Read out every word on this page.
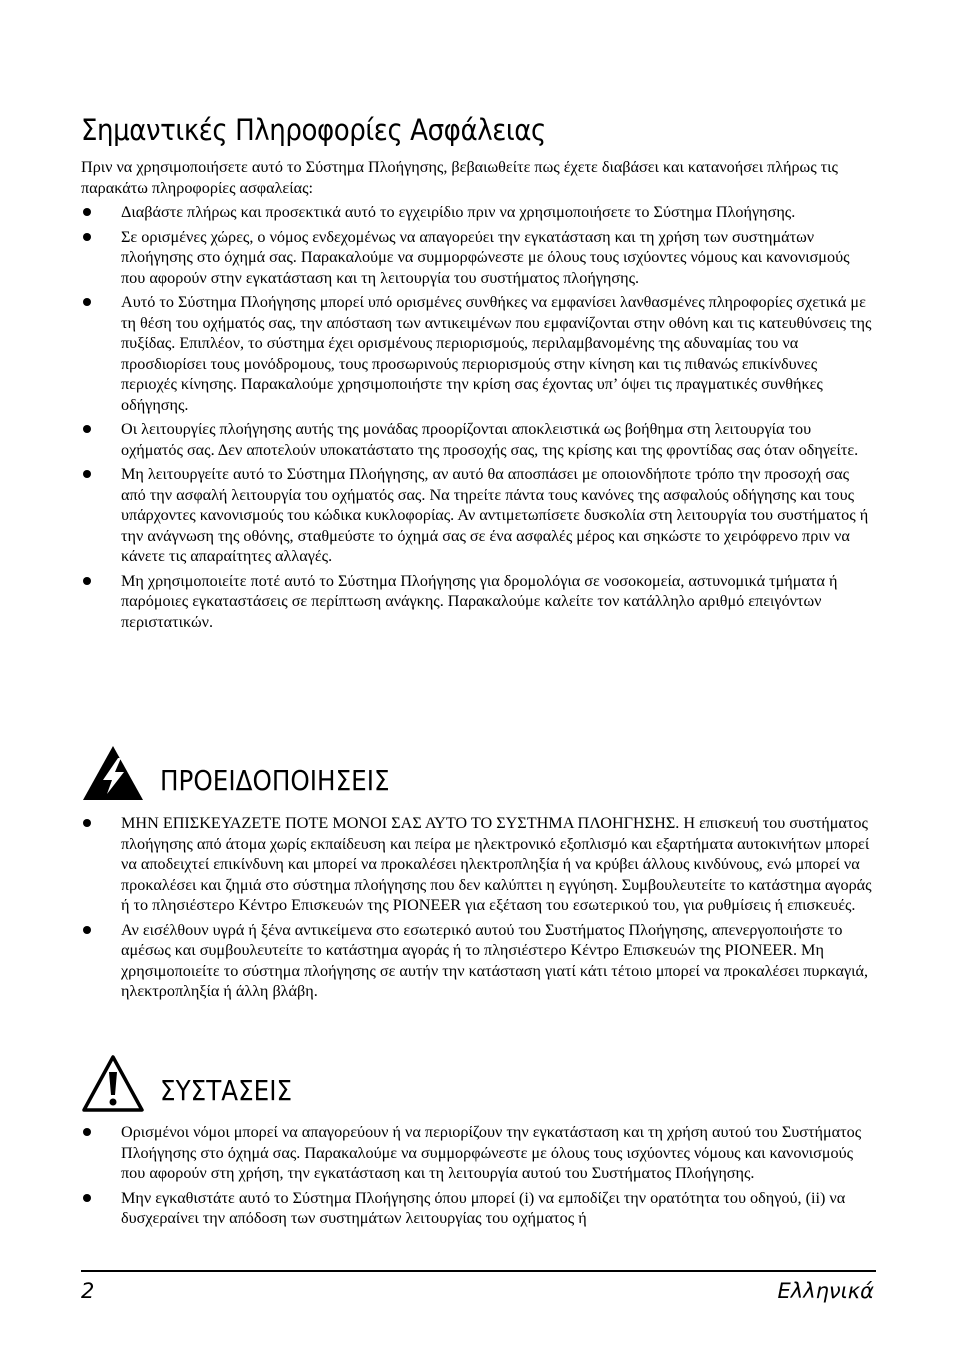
Σημαντικές Πληροφορίες Ασφάλειας

Πριν να χρησιμοποιήσετε αυτό το Σύστημα Πλοήγησης, βεβαιωθείτε πως έχετε διαβάσει και κατανοήσει πλήρως τις παρακάτω πληροφορίες ασφαλείας:

Διαβάστε πλήρως και προσεκτικά αυτό το εγχειρίδιο πριν να χρησιμοποιήσετε το Σύστημα Πλοήγησης.
Σε ορισμένες χώρες, ο νόμος ενδεχομένως να απαγορεύει την εγκατάσταση και τη χρήση των συστημάτων πλοήγησης στο όχημά σας. Παρακαλούμε να συμμορφώνεστε με όλους τους ισχύοντες νόμους και κανονισμούς που αφορούν στην εγκατάσταση και τη λειτουργία του συστήματος πλοήγησης.
Αυτό το Σύστημα Πλοήγησης μπορεί υπό ορισμένες συνθήκες να εμφανίσει λανθασμένες πληροφορίες σχετικά με τη θέση του οχήματός σας, την απόσταση των αντικειμένων που εμφανίζονται στην οθόνη και τις κατευθύνσεις της πυξίδας. Επιπλέον, το σύστημα έχει ορισμένους περιορισμούς, περιλαμβανομένης της αδυναμίας του να προσδιορίσει τους μονόδρομους, τους προσωρινούς περιορισμούς στην κίνηση και τις πιθανώς επικίνδυνες περιοχές κίνησης. Παρακαλούμε χρησιμοποιήστε την κρίση σας έχοντας υπ’ όψει τις πραγματικές συνθήκες οδήγησης.
Οι λειτουργίες πλοήγησης αυτής της μονάδας προορίζονται αποκλειστικά ως βοήθημα στη λειτουργία του οχήματός σας. Δεν αποτελούν υποκατάστατο της προσοχής σας, της κρίσης και της φροντίδας σας όταν οδηγείτε.
Μη λειτουργείτε αυτό το Σύστημα Πλοήγησης, αν αυτό θα αποσπάσει με οποιονδήποτε τρόπο την προσοχή σας από την ασφαλή λειτουργία του οχήματός σας. Να τηρείτε πάντα τους κανόνες της ασφαλούς οδήγησης και τους υπάρχοντες κανονισμούς του κώδικα κυκλοφορίας. Αν αντιμετωπίσετε δυσκολία στη λειτουργία του συστήματος ή την ανάγνωση της οθόνης, σταθμεύστε το όχημά σας σε ένα ασφαλές μέρος και σηκώστε το χειρόφρενο πριν να κάνετε τις απαραίτητες αλλαγές.
Μη χρησιμοποιείτε ποτέ αυτό το Σύστημα Πλοήγησης για δρομολόγια σε νοσοκομεία, αστυνομικά τμήματα ή παρόμοιες εγκαταστάσεις σε περίπτωση ανάγκης. Παρακαλούμε καλείτε τον κατάλληλο αριθμό επειγόντων περιστατικών.
ΠΡΟΕΙΔΟΠΟΙΗΣΕΙΣ
ΜΗΝ ΕΠΙΣΚΕΥΑΖΕΤΕ ΠΟΤΕ ΜΟΝΟΙ ΣΑΣ ΑΥΤΟ ΤΟ ΣΥΣΤΗΜΑ ΠΛΟΗΓΗΣΗΣ. Η επισκευή του συστήματος πλοήγησης από άτομα χωρίς εκπαίδευση και πείρα με ηλεκτρονικό εξοπλισμό και εξαρτήματα αυτοκινήτων μπορεί να αποδειχτεί επικίνδυνη και μπορεί να προκαλέσει ηλεκτροπληξία ή να κρύβει άλλους κινδύνους, ενώ μπορεί να προκαλέσει και ζημιά στο σύστημα πλοήγησης που δεν καλύπτει η εγγύηση. Συμβουλευτείτε το κατάστημα αγοράς ή το πλησιέστερο Κέντρο Επισκευών της PIONEER για εξέταση του εσωτερικού του, για ρυθμίσεις ή επισκευές.
Αν εισέλθουν υγρά ή ξένα αντικείμενα στο εσωτερικό αυτού του Συστήματος Πλοήγησης, απενεργοποιήστε το αμέσως και συμβουλευτείτε το κατάστημα αγοράς ή το πλησιέστερο Κέντρο Επισκευών της PIONEER. Μη χρησιμοποιείτε το σύστημα πλοήγησης σε αυτήν την κατάσταση γιατί κάτι τέτοιο μπορεί να προκαλέσει πυρκαγιά, ηλεκτροπληξία ή άλλη βλάβη.
ΣΥΣΤΑΣΕΙΣ
Ορισμένοι νόμοι μπορεί να απαγορεύουν ή να περιορίζουν την εγκατάσταση και τη χρήση αυτού του Συστήματος Πλοήγησης στο όχημά σας. Παρακαλούμε να συμμορφώνεστε με όλους τους ισχύοντες νόμους και κανονισμούς που αφορούν στη χρήση, την εγκατάσταση και τη λειτουργία αυτού του Συστήματος Πλοήγησης.
Μην εγκαθιστάτε αυτό το Σύστημα Πλοήγησης όπου μπορεί (i) να εμποδίζει την ορατότητα του οδηγού, (ii) να δυσχεραίνει την απόδοση των συστημάτων λειτουργίας του οχήματος ή
2	Ελληνικά
